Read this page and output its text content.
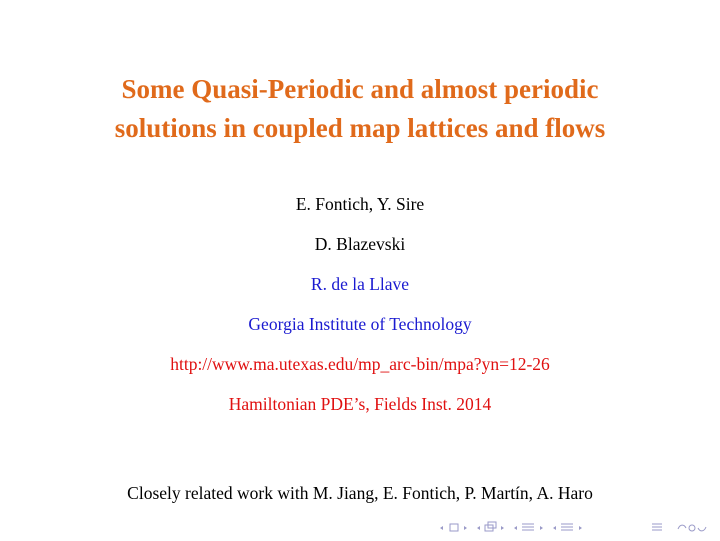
Some Quasi-Periodic and almost periodic
solutions in coupled map lattices and flows
E. Fontich, Y. Sire
D. Blazevski
R. de la Llave
Georgia Institute of Technology
http://www.ma.utexas.edu/mp_arc-bin/mpa?yn=12-26
Hamiltonian PDE’s, Fields Inst. 2014
Closely related work with M. Jiang, E. Fontich, P. Martín, A. Haro
